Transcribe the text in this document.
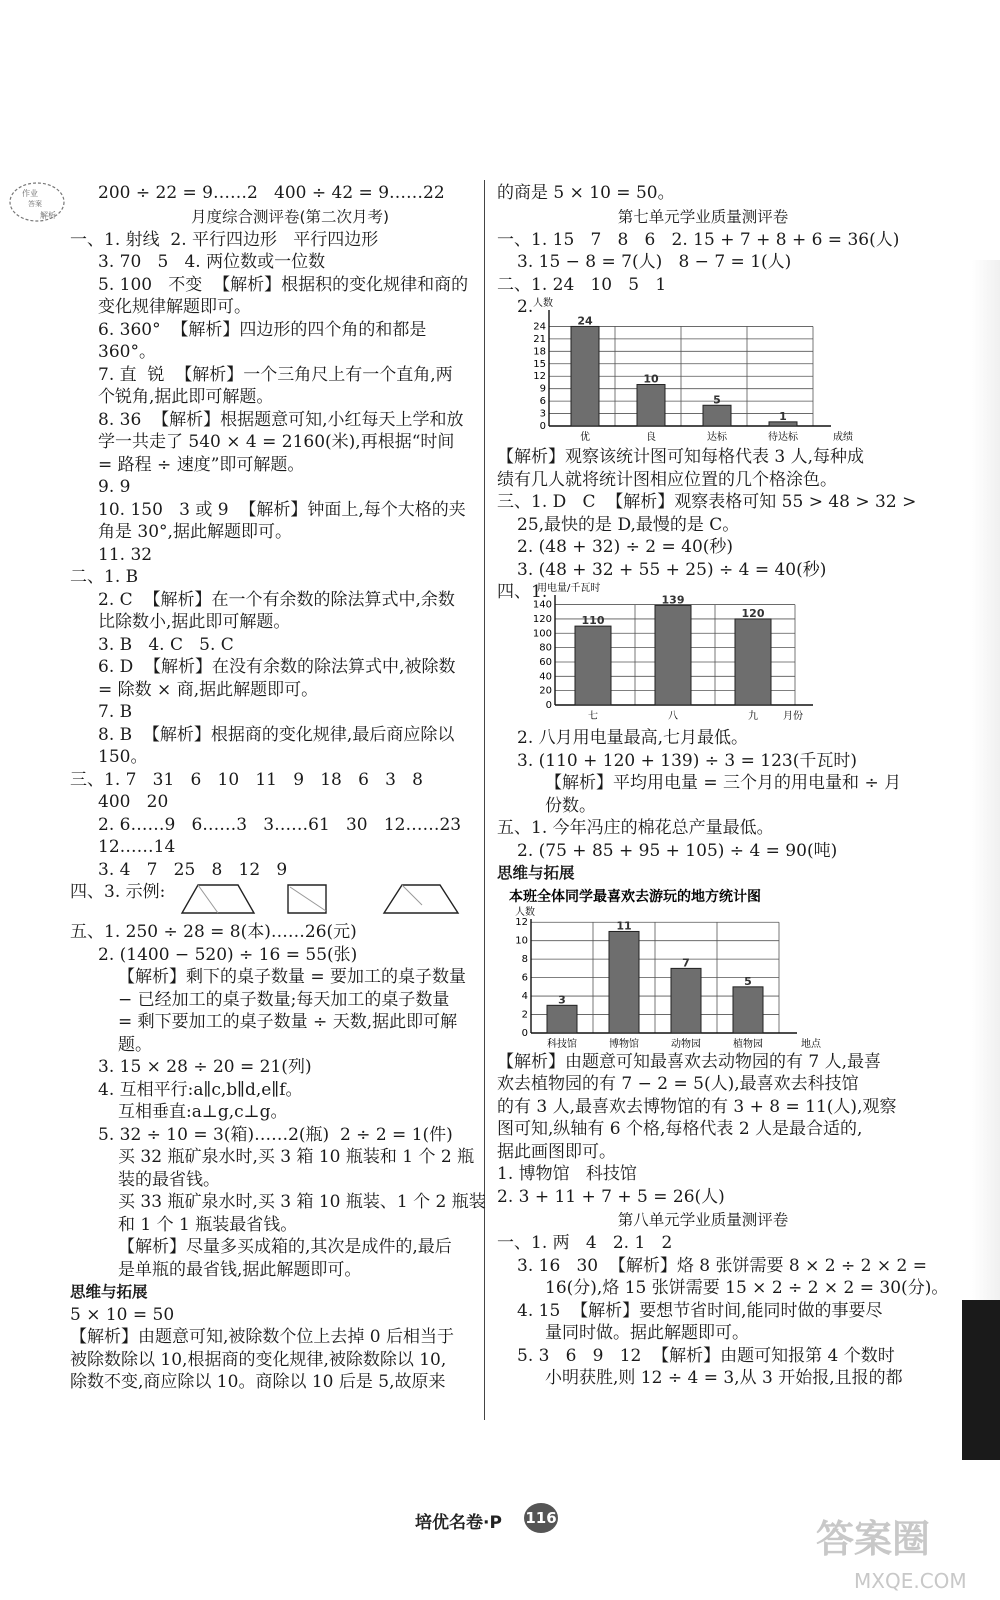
作业
答案
解析
200 ÷ 22 = 9……2   400 ÷ 42 = 9……22
月度综合测评卷(第二次月考)
一、1. 射线  2. 平行四边形   平行四边形
3. 70   5   4. 两位数或一位数
5. 100   不变  【解析】根据积的变化规律和商的
变化规律解题即可。
6. 360°  【解析】四边形的四个角的和都是
360°。
7. 直  锐  【解析】一个三角尺上有一个直角,两
个锐角,据此即可解题。
8. 36  【解析】根据题意可知,小红每天上学和放
学一共走了 540 × 4 = 2160(米),再根据“时间
= 路程 ÷ 速度”即可解题。
9. 9
10. 150   3 或 9  【解析】钟面上,每个大格的夹
角是 30°,据此解题即可。
11. 32
二、1. B
2. C  【解析】在一个有余数的除法算式中,余数
比除数小,据此即可解题。
3. B   4. C   5. C
6. D  【解析】在没有余数的除法算式中,被除数
= 除数 × 商,据此解题即可。
7. B
8. B  【解析】根据商的变化规律,最后商应除以
150。
三、1. 7   31   6   10   11   9   18   6   3   8
400   20
2. 6……9   6……3   3……61   30   12……23
12……14
3. 4   7   25   8   12   9
四、3. 示例:
五、1. 250 ÷ 28 = 8(本)……26(元)
2. (1400 − 520) ÷ 16 = 55(张)
【解析】剩下的桌子数量 = 要加工的桌子数量
− 已经加工的桌子数量;每天加工的桌子数量
= 剩下要加工的桌子数量 ÷ 天数,据此即可解
题。
3. 15 × 28 ÷ 20 = 21(列)
4. 互相平行:a∥c,b∥d,e∥f。
互相垂直:a⊥g,c⊥g。
5. 32 ÷ 10 = 3(箱)……2(瓶)  2 ÷ 2 = 1(件)
买 32 瓶矿泉水时,买 3 箱 10 瓶装和 1 个 2 瓶
装的最省钱。
买 33 瓶矿泉水时,买 3 箱 10 瓶装、1 个 2 瓶装
和 1 个 1 瓶装最省钱。
【解析】尽量多买成箱的,其次是成件的,最后
是单瓶的最省钱,据此解题即可。
思维与拓展
5 × 10 = 50
【解析】由题意可知,被除数个位上去掉 0 后相当于
被除数除以 10,根据商的变化规律,被除数除以 10,
除数不变,商应除以 10。商除以 10 后是 5,故原来
的商是 5 × 10 = 50。
第七单元学业质量测评卷
一、1. 15   7   8   6   2. 15 + 7 + 8 + 6 = 36(人)
3. 15 − 8 = 7(人)   8 − 7 = 1(人)
二、1. 24   10   5   1
2.
0
3
6
9
12
15
18
21
24
人数
成绩
24
优
10
良
5
达标
1
待达标
【解析】观察该统计图可知每格代表 3 人,每种成
绩有几人就将统计图相应位置的几个格涂色。
三、1. D   C  【解析】观察表格可知 55 > 48 > 32 >
25,最快的是 D,最慢的是 C。
2. (48 + 32) ÷ 2 = 40(秒)
3. (48 + 32 + 55 + 25) ÷ 4 = 40(秒)
四、1.
0
20
40
60
80
100
120
140
用电量/千瓦时
月份
110
七
139
八
120
九
2. 八月用电量最高,七月最低。
3. (110 + 120 + 139) ÷ 3 = 123(千瓦时)
【解析】平均用电量 = 三个月的用电量和 ÷ 月
份数。
五、1. 今年冯庄的棉花总产量最低。
2. (75 + 85 + 95 + 105) ÷ 4 = 90(吨)
思维与拓展
本班全体同学最喜欢去游玩的地方统计图
0
2
4
6
8
10
12
人数
地点
3
科技馆
11
博物馆
7
动物园
5
植物园
【解析】由题意可知最喜欢去动物园的有 7 人,最喜
欢去植物园的有 7 − 2 = 5(人),最喜欢去科技馆
的有 3 人,最喜欢去博物馆的有 3 + 8 = 11(人),观察
图可知,纵轴有 6 个格,每格代表 2 人是最合适的,
据此画图即可。
1. 博物馆   科技馆
2. 3 + 11 + 7 + 5 = 26(人)
第八单元学业质量测评卷
一、1. 两   4   2. 1   2
3. 16   30  【解析】烙 8 张饼需要 8 × 2 ÷ 2 × 2 =
16(分),烙 15 张饼需要 15 × 2 ÷ 2 × 2 = 30(分)。
4. 15  【解析】要想节省时间,能同时做的事要尽
量同时做。据此解题即可。
5. 3   6   9   12  【解析】由题可知报第 4 个数时
小明获胜,则 12 ÷ 4 = 3,从 3 开始报,且报的都
培优名卷·P 116	答案圈
MXQE.COM
